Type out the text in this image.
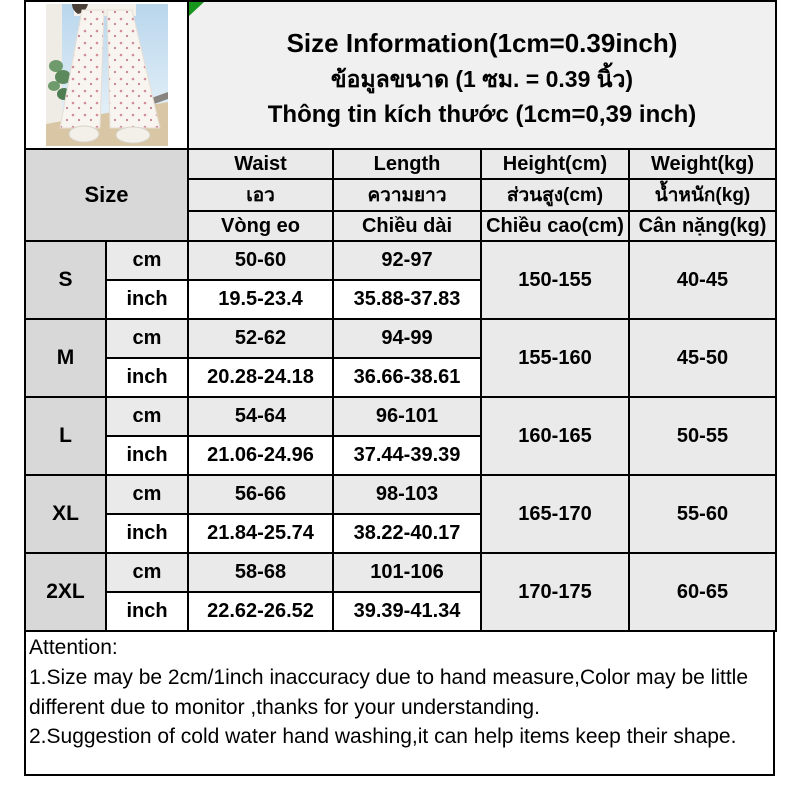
Size Information(1cm=0.39inch)
ข้อมูลขนาด (1 ซม. = 0.39 นิ้ว)
Thông tin kích thước (1cm=0,39 inch)			

Size		Waist	Length	Height(cm)	Weight(kg)
		เอว	ความยาว	ส่วนสูง(cm)	น้ำหนัก(kg)
		Vòng eo	Chiều dài	Chiều cao(cm)	Cân nặng(kg)
S	cm	50-60	92-97	150-155	40-45
	inch	19.5-23.4	35.88-37.83		
M	cm	52-62	94-99	155-160	45-50
	inch	20.28-24.18	36.66-38.61		
L	cm	54-64	96-101	160-165	50-55
	inch	21.06-24.96	37.44-39.39		
XL	cm	56-66	98-103	165-170	55-60
	inch	21.84-25.74	38.22-40.17		
2XL	cm	58-68	101-106	170-175	60-65
	inch	22.62-26.52	39.39-41.34		
Attention:
1.Size may be 2cm/1inch inaccuracy due to hand measure,Color may be little different due to monitor ,thanks for your understanding.
2.Suggestion of cold water hand washing,it can help items keep their shape.
